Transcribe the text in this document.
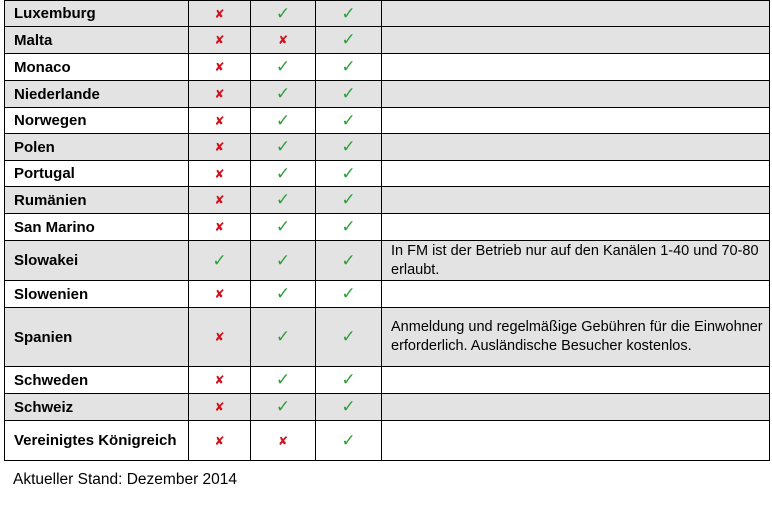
Luxemburg	✘	✓	✓	
Malta	✘	✘	✓	
Monaco	✘	✓	✓	
Niederlande	✘	✓	✓	
Norwegen	✘	✓	✓	
Polen	✘	✓	✓	
Portugal	✘	✓	✓	
Rumänien	✘	✓	✓	
San Marino	✘	✓	✓	
Slowakei	✓	✓	✓	In FM ist der Betrieb nur auf den Kanälen 1-40 und 70-80 erlaubt.
Slowenien	✘	✓	✓	
Spanien	✘	✓	✓	Anmeldung und regelmäßige Gebühren für die Einwohner erforderlich. Ausländische Besucher kostenlos.
Schweden	✘	✓	✓	
Schweiz	✘	✓	✓	
Vereinigtes Königreich	✘	✘	✓	
Aktueller Stand: Dezember 2014
